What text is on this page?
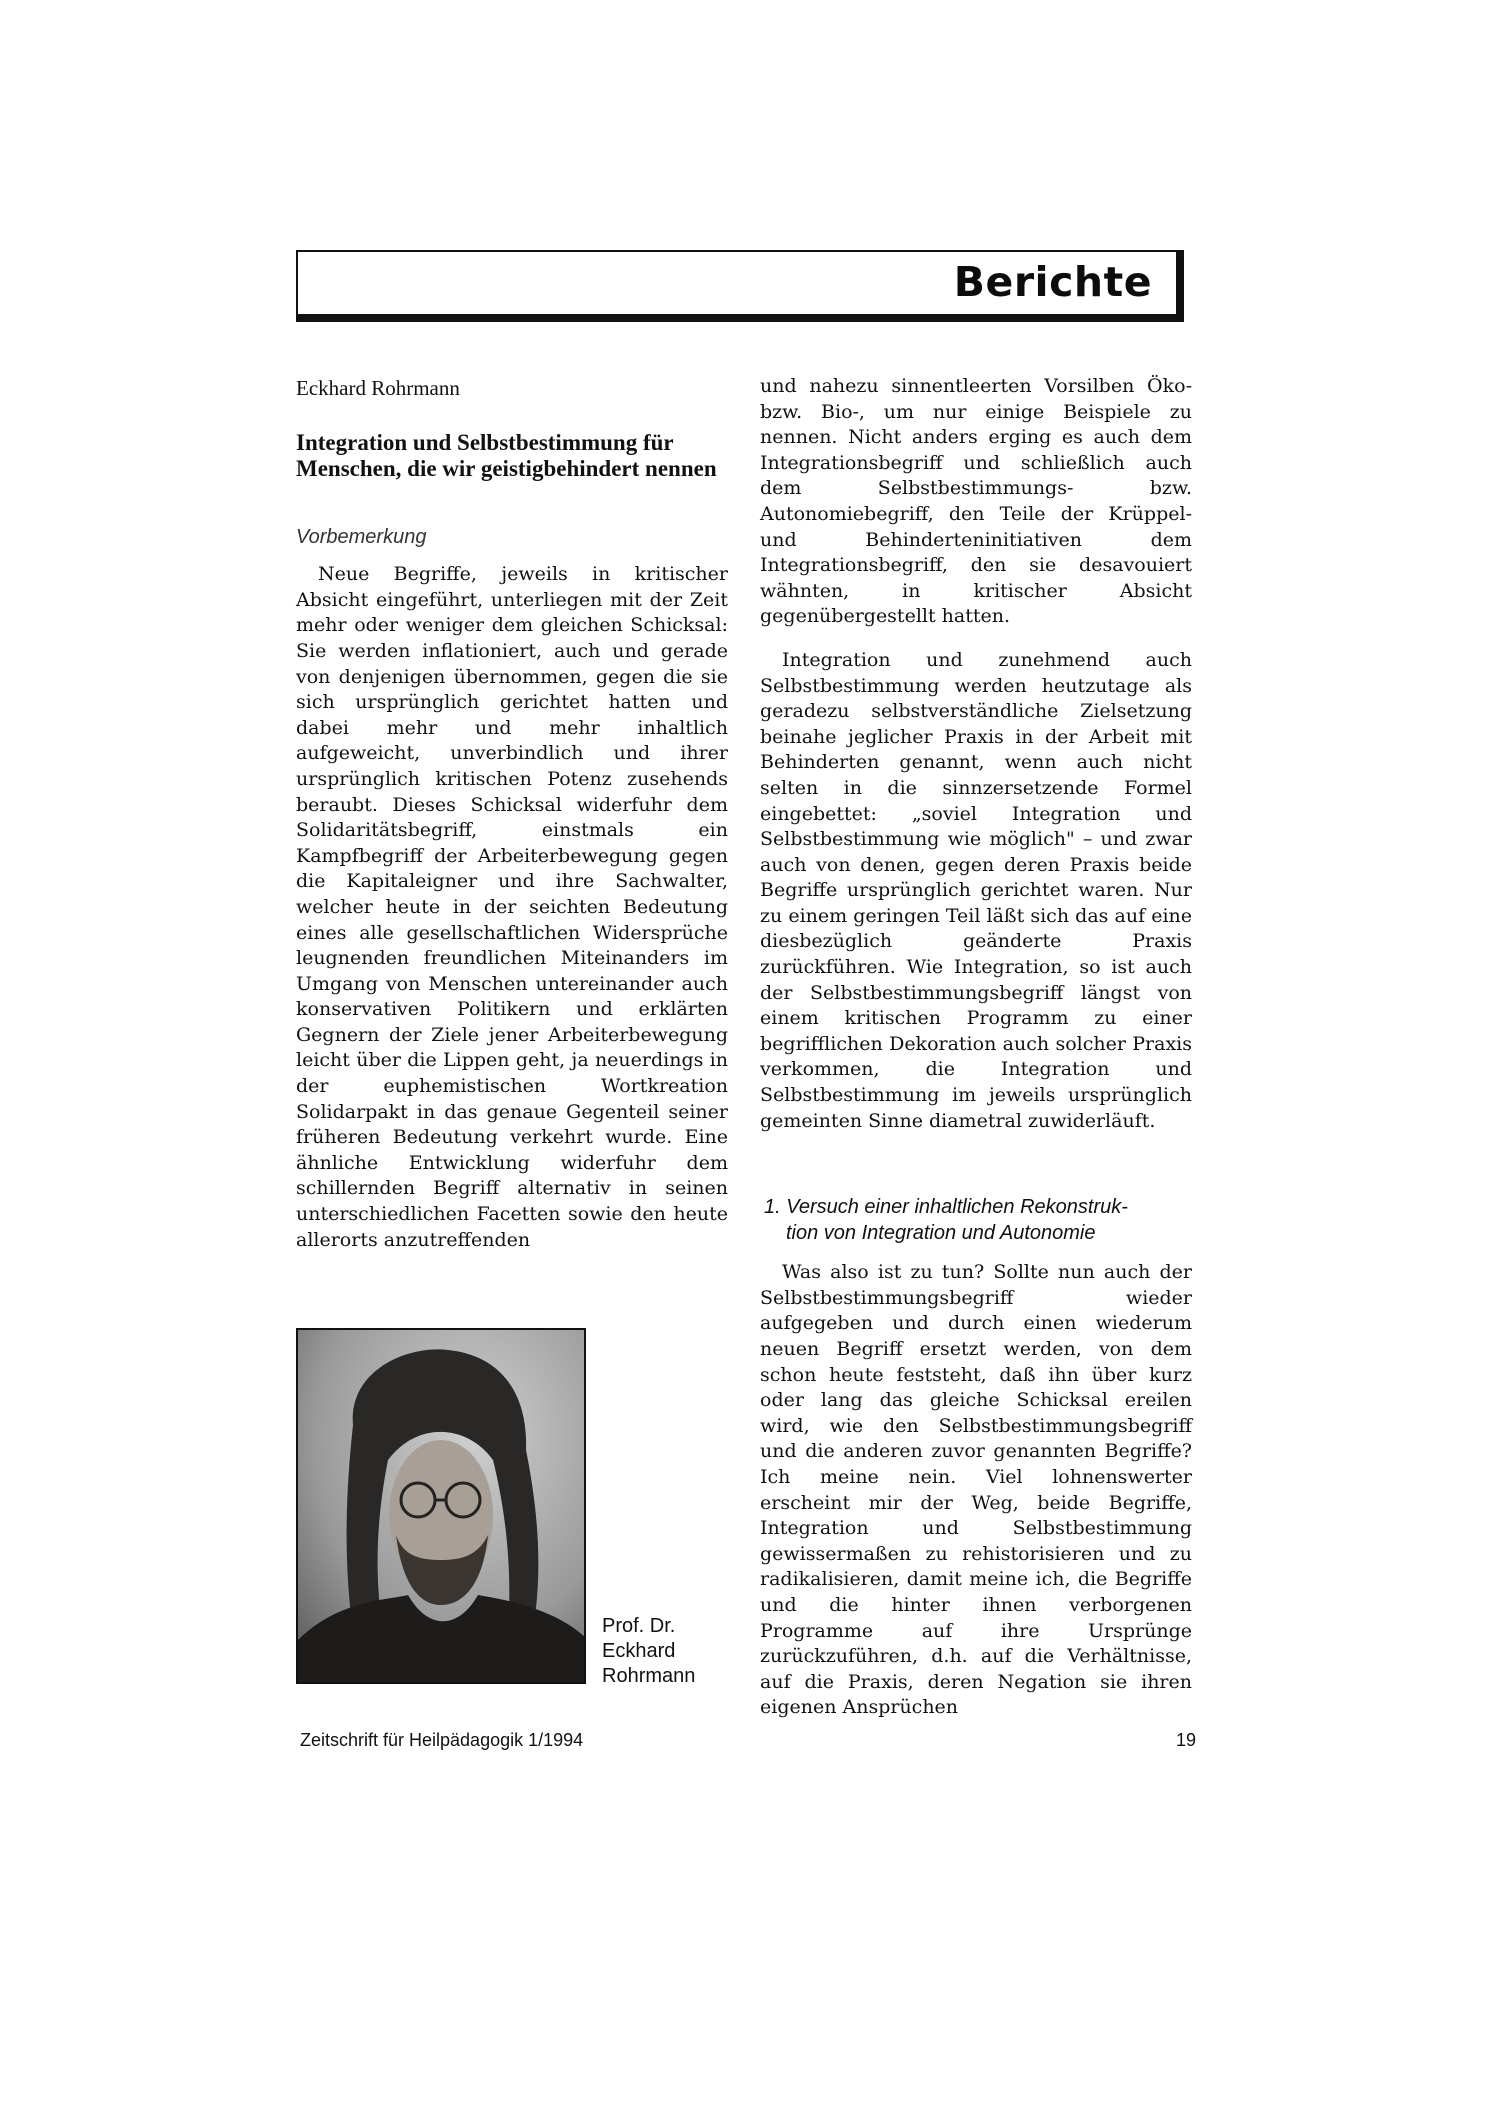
Berichte

Eckhard Rohrmann

Integration und Selbstbestimmung für Menschen, die wir geistigbehindert nennen

Vorbemerkung

Neue Begriffe, jeweils in kritischer Absicht eingeführt, unterliegen mit der Zeit mehr oder weniger dem gleichen Schicksal: Sie werden inflationiert, auch und gerade von denjenigen übernommen, gegen die sie sich ursprünglich gerichtet hatten und dabei mehr und mehr inhaltlich aufgeweicht, unverbindlich und ihrer ursprünglich kritischen Potenz zusehends beraubt. Dieses Schicksal widerfuhr dem Solidaritätsbegriff, einstmals ein Kampfbegriff der Arbeiterbewegung gegen die Kapitaleigner und ihre Sachwalter, welcher heute in der seichten Bedeutung eines alle gesellschaftlichen Widersprüche leugnenden freundlichen Miteinanders im Umgang von Menschen untereinander auch konservativen Politikern und erklärten Gegnern der Ziele jener Arbeiterbewegung leicht über die Lippen geht, ja neuerdings in der euphemistischen Wortkreation Solidarpakt in das genaue Gegenteil seiner früheren Bedeutung verkehrt wurde. Eine ähnliche Entwicklung widerfuhr dem schillernden Begriff alternativ in seinen unterschiedlichen Facetten sowie den heute allerorts anzutreffenden

Prof. Dr.
Eckhard
Rohrmann

und nahezu sinnentleerten Vorsilben Öko- bzw. Bio-, um nur einige Beispiele zu nennen. Nicht anders erging es auch dem Integrationsbegriff und schließlich auch dem Selbstbestimmungs- bzw. Autonomiebegriff, den Teile der Krüppel- und Behinderteninitiativen dem Integrationsbegriff, den sie desavouiert wähnten, in kritischer Absicht gegenübergestellt hatten.

Integration und zunehmend auch Selbstbestimmung werden heutzutage als geradezu selbstverständliche Zielsetzung beinahe jeglicher Praxis in der Arbeit mit Behinderten genannt, wenn auch nicht selten in die sinnzersetzende Formel eingebettet: „soviel Integration und Selbstbestimmung wie möglich" – und zwar auch von denen, gegen deren Praxis beide Begriffe ursprünglich gerichtet waren. Nur zu einem geringen Teil läßt sich das auf eine diesbezüglich geänderte Praxis zurückführen. Wie Integration, so ist auch der Selbstbestimmungsbegriff längst von einem kritischen Programm zu einer begrifflichen Dekoration auch solcher Praxis verkommen, die Integration und Selbstbestimmung im jeweils ursprünglich gemeinten Sinne diametral zuwiderläuft.

1. Versuch einer inhaltlichen Rekonstruk-
tion von Integration und Autonomie

Was also ist zu tun? Sollte nun auch der Selbstbestimmungsbegriff wieder aufgegeben und durch einen wiederum neuen Begriff ersetzt werden, von dem schon heute feststeht, daß ihn über kurz oder lang das gleiche Schicksal ereilen wird, wie den Selbstbestimmungsbegriff und die anderen zuvor genannten Begriffe? Ich meine nein. Viel lohnenswerter erscheint mir der Weg, beide Begriffe, Integration und Selbstbestimmung gewissermaßen zu rehistorisieren und zu radikalisieren, damit meine ich, die Begriffe und die hinter ihnen verborgenen Programme auf ihre Ursprünge zurückzuführen, d.h. auf die Verhältnisse, auf die Praxis, deren Negation sie ihren eigenen Ansprüchen

Zeitschrift für Heilpädagogik 1/1994	19
